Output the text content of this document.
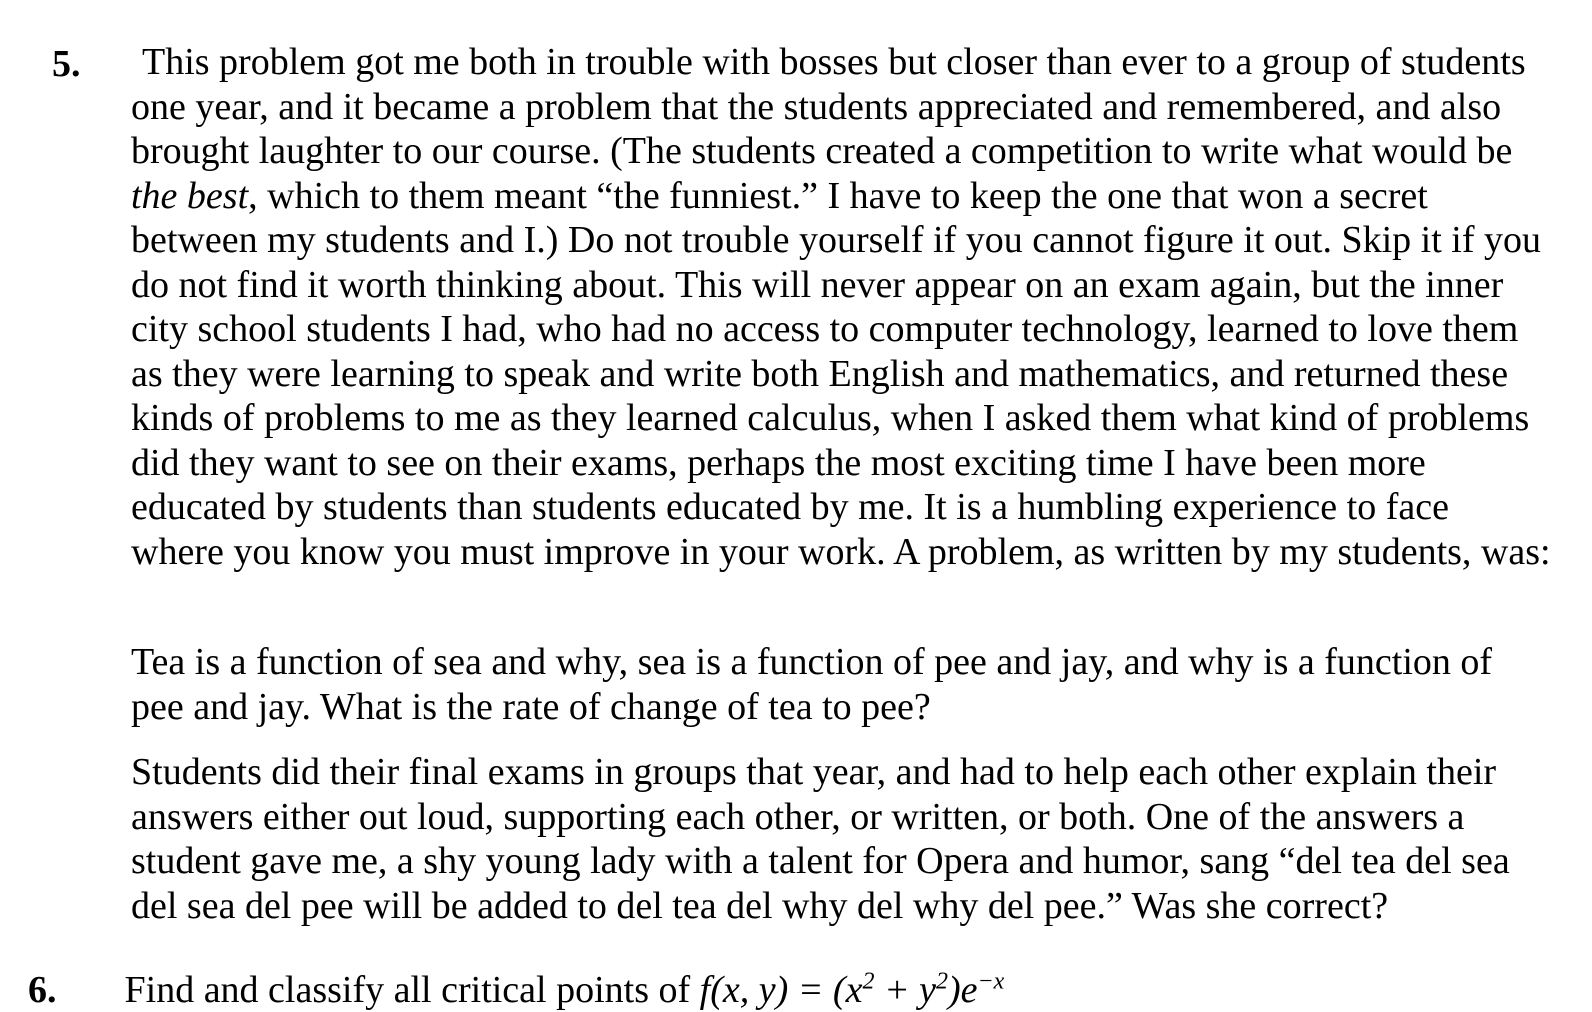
5. This problem got me both in trouble with bosses but closer than ever to a group of students one year, and it became a problem that the students appreciated and remembered, and also brought laughter to our course. (The students created a competition to write what would be the best, which to them meant “the funniest.” I have to keep the one that won a secret between my students and I.) Do not trouble yourself if you cannot figure it out. Skip it if you do not find it worth thinking about. This will never appear on an exam again, but the inner city school students I had, who had no access to computer technology, learned to love them as they were learning to speak and write both English and mathematics, and returned these kinds of problems to me as they learned calculus, when I asked them what kind of problems did they want to see on their exams, perhaps the most exciting time I have been more educated by students than students educated by me. It is a humbling experience to face where you know you must improve in your work. A problem, as written by my students, was:

Tea is a function of sea and why, sea is a function of pee and jay, and why is a function of pee and jay. What is the rate of change of tea to pee?

Students did their final exams in groups that year, and had to help each other explain their answers either out loud, supporting each other, or written, or both. One of the answers a student gave me, a shy young lady with a talent for Opera and humor, sang “del tea del sea del sea del pee will be added to del tea del why del why del pee.” Was she correct?

6. Find and classify all critical points of f(x, $y) = (x^2 + y^2)e^{-x}$
